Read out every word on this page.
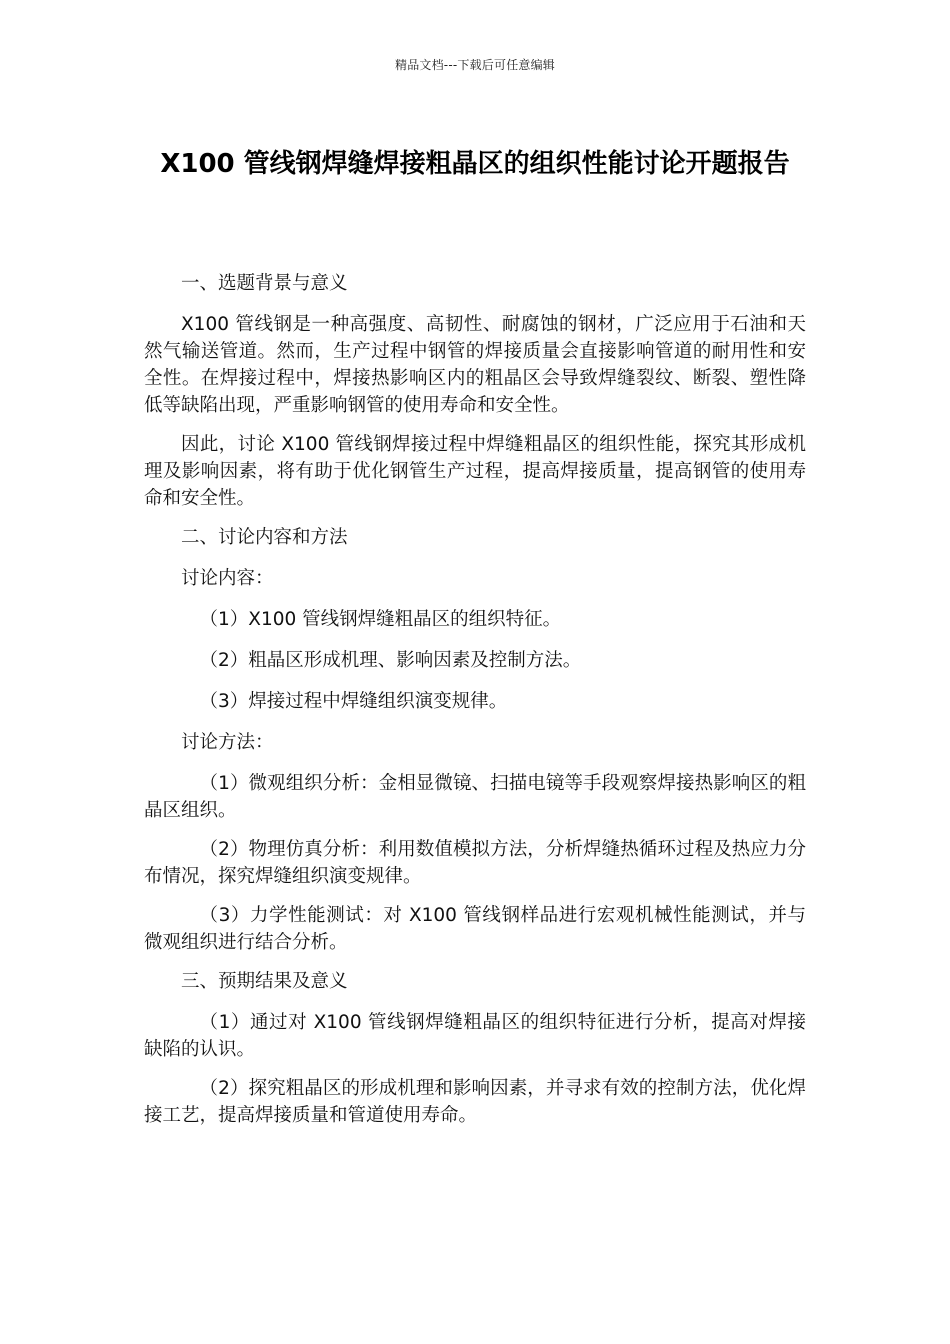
精品文档---下载后可任意编辑
X100 管线钢焊缝焊接粗晶区的组织性能讨论开题报告

一、选题背景与意义

X100 管线钢是一种高强度、高韧性、耐腐蚀的钢材，广泛应用于石油和天然气输送管道。然而，生产过程中钢管的焊接质量会直接影响管道的耐用性和安全性。在焊接过程中，焊接热影响区内的粗晶区会导致焊缝裂纹、断裂、塑性降低等缺陷出现，严重影响钢管的使用寿命和安全性。

因此，讨论 X100 管线钢焊接过程中焊缝粗晶区的组织性能，探究其形成机理及影响因素，将有助于优化钢管生产过程，提高焊接质量，提高钢管的使用寿命和安全性。

二、讨论内容和方法

讨论内容：

（1）X100 管线钢焊缝粗晶区的组织特征。

（2）粗晶区形成机理、影响因素及控制方法。

（3）焊接过程中焊缝组织演变规律。

讨论方法：

（1）微观组织分析：金相显微镜、扫描电镜等手段观察焊接热影响区的粗晶区组织。

（2）物理仿真分析：利用数值模拟方法，分析焊缝热循环过程及热应力分布情况，探究焊缝组织演变规律。

（3）力学性能测试：对 X100 管线钢样品进行宏观机械性能测试，并与微观组织进行结合分析。

三、预期结果及意义

（1）通过对 X100 管线钢焊缝粗晶区的组织特征进行分析，提高对焊接缺陷的认识。

（2）探究粗晶区的形成机理和影响因素，并寻求有效的控制方法，优化焊接工艺，提高焊接质量和管道使用寿命。
